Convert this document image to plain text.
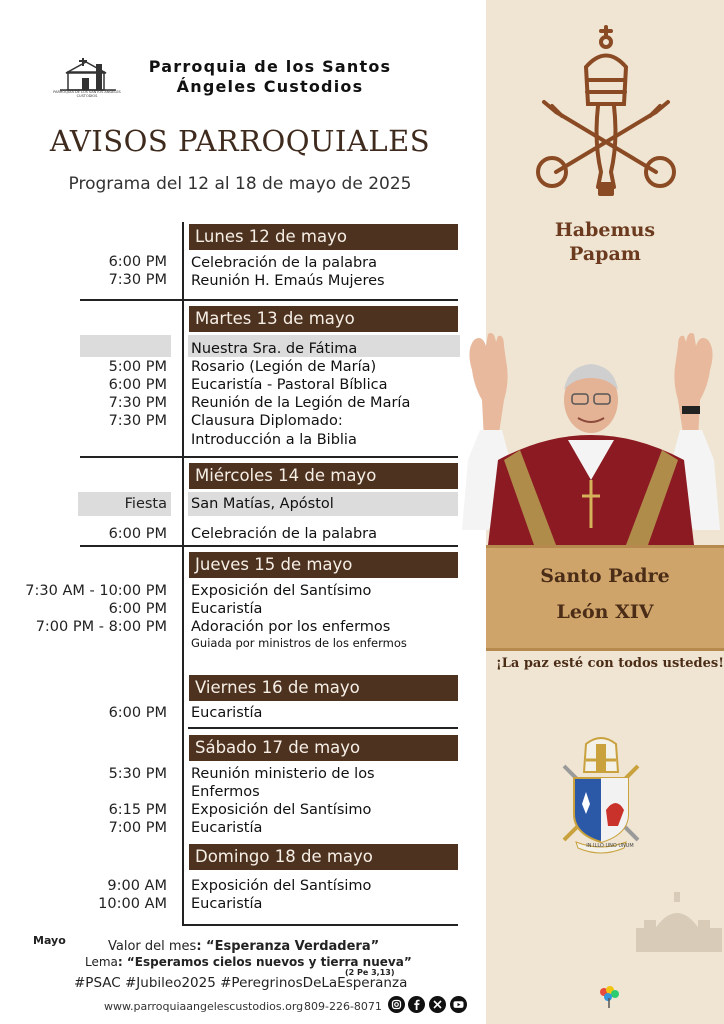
PARROQUIA DE LOS SANTOS ÁNGELES CUSTODIOS
Parroquia de los Santos
Ángeles Custodios
AVISOS PARROQUIALES
Programa del 12 al 18 de mayo de 2025
Lunes 12 de mayo
6:00 PM Celebración de la palabra
7:30 PM Reunión H. Emaús Mujeres
Martes 13 de mayo
Nuestra Sra. de Fátima
5:00 PM Rosario (Legión de María)
6:00 PM Eucaristía - Pastoral Bíblica
7:30 PM Reunión de la Legión de María
7:30 PM Clausura Diplomado:
Introducción a la Biblia
Miércoles 14 de mayo
Fiesta San Matías, Apóstol
6:00 PM Celebración de la palabra
Jueves 15 de mayo
7:30 AM - 10:00 PM Exposición del Santísimo
6:00 PM Eucaristía
7:00 PM - 8:00 PM Adoración por los enfermos
Guiada por ministros de los enfermos
Viernes 16 de mayo
6:00 PM Eucaristía
Sábado 17 de mayo
5:30 PM Reunión ministerio de los
Enfermos
6:15 PM Exposición del Santísimo
7:00 PM Eucaristía
Domingo 18 de mayo
9:00 AM Exposición del Santísimo
10:00 AM Eucaristía
Mayo	Valor del mes: “Esperanza Verdadera”
Lema: “Esperamos cielos nuevos y tierra nueva”
(2 Pe 3,13)
#PSAC #Jubileo2025 #PeregrinosDeLaEsperanza
www.parroquiaangelescustodios.org 809-226-8071
Habemus
Papam
Santo Padre
León XIV
¡La paz esté con todos ustedes!
IN ILLO UNO UNUM
